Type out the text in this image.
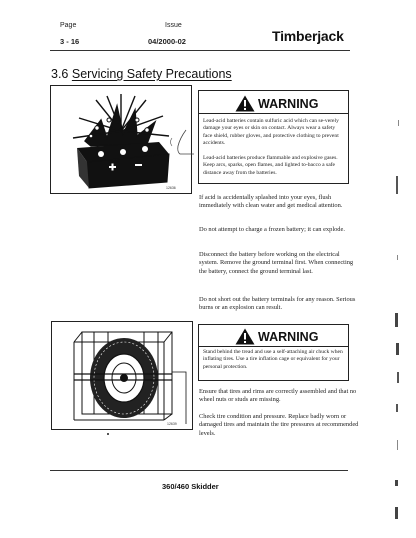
Page
3 - 16
Issue
04/2000-02	Timberjack
3.6 Servicing Safety Precautions
12636
WARNING
Lead-acid batteries contain sulfuric acid which can se-verely damage your eyes or skin on contact. Always wear a safety face shield, rubber gloves, and protective clothing to prevent accidents.
Lead-acid batteries produce flammable and explosive gases. Keep arcs, sparks, open flames, and lighted to-bacco a safe distance away from the batteries.
If acid is accidentally splashed into your eyes, flush immediately with clean water and get medical attention.
Do not attempt to charge a frozen battery; it can explode.
Disconnect the battery before working on the electrical system. Remove the ground terminal first. When connecting the battery, connect the ground terminal last.
Do not short out the battery terminals for any reason. Serious burns or an explosion can result.
12639
WARNING
Stand behind the tread and use a self-attaching air chuck when inflating tires. Use a tire inflation cage or equivalent for your personal protection.
Ensure that tires and rims are correctly assembled and that no wheel nuts or studs are missing.
Check tire condition and pressure. Replace badly worn or damaged tires and maintain the tire pressures at recommended levels.
360/460 Skidder
